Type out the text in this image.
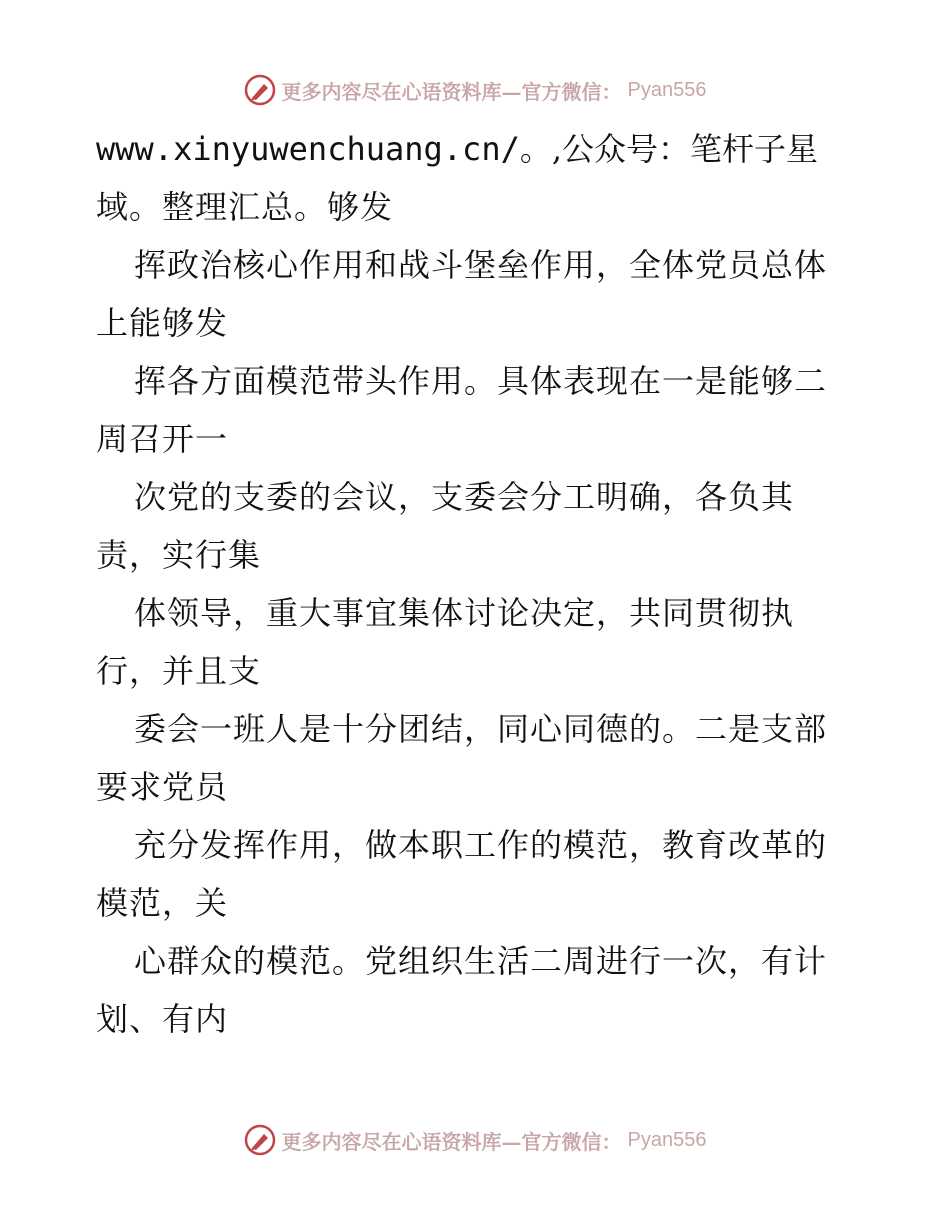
更多内容尽在心语资料库—官方微信： Pyan556
www.xinyuwenchuang.cn/。,公众号：笔杆子星
域。整理汇总。够发
挥政治核心作用和战斗堡垒作用，全体党员总体
上能够发
挥各方面模范带头作用。具体表现在一是能够二
周召开一
次党的支委的会议，支委会分工明确，各负其
责，实行集
体领导，重大事宜集体讨论决定，共同贯彻执
行，并且支
委会一班人是十分团结，同心同德的。二是支部
要求党员
充分发挥作用，做本职工作的模范，教育改革的
模范，关
心群众的模范。党组织生活二周进行一次，有计
划、有内
更多内容尽在心语资料库—官方微信： Pyan556
